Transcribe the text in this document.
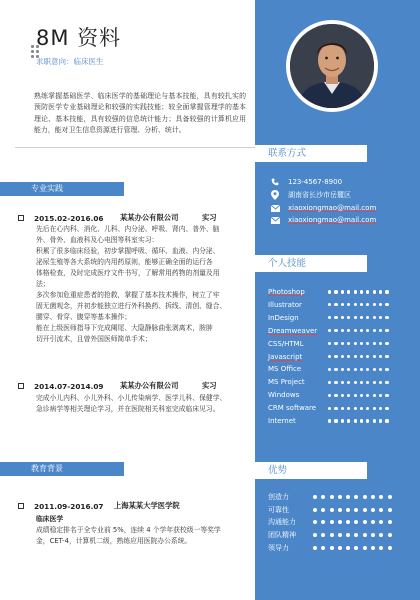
8M 资料
求职意向：临床医生
熟练掌握基础医学、临床医学的基础理论与基本技能，具有较扎实的预防医学专业基础理论和较强的实践技能；较全面掌握管理学的基本理论、基本技能，具有较强的信息统计能力；具备较强的计算机应用能力，能对卫生信息资源进行管理、分析、统计。
专业实践
2015.02-2016.06	某某办公有限公司	实习
先后在心内科、消化、儿科、内分泌、呼吸、肾内、普外、脑
外、骨外、血液科及心电图等科室实习：
积累了很多临床经验，初步掌握呼吸、循环、血液、内分泌、
泌尿生殖等各大系统的内用药原则，能够正确全面的运行各
体格检查，及时完成医疗文件书写，了解常用药物的剂量及用
法；
多次参加危重症患者的抢救，掌握了基本技术操作，树立了牢
固无菌观念，并初步能独立进行外科换药、拆线、清创、缝合、
腰穿、骨穿、腹穿等基本操作；
能在上级医师指导下完成阑尾、大隐静脉曲张剥离术，胺肿
切开引流术，且曾外国医师简单手术；
2014.07-2014.09	某某办公有限公司	实习
完成小儿内科、小儿外科、小儿传染病学、医学儿科、保健学、
急诊病学等相关理论学习，并在医院相关科室完成临床见习。
教育背景
2011.09-2016.07	上海某某大学医学院
临床医学
成绩稳定排名于全专业前 5%，连续 4 个学年获校级一等奖学
金，CET-4，计算机二级，熟练应用医院办公系统。
联系方式
123-4567-8900
湖南省长沙市岳麓区
xiaoxiongmao@mail.com
xiaoxiongmao@mail.com
个人技能
Photoshop
Illustrator
InDesign
Dreamweaver
CSS/HTML
Javascript
MS Office
MS Project
Windows
CRM software
Internet
优势
创造力
可靠性
沟通能力
团队精神
领导力
